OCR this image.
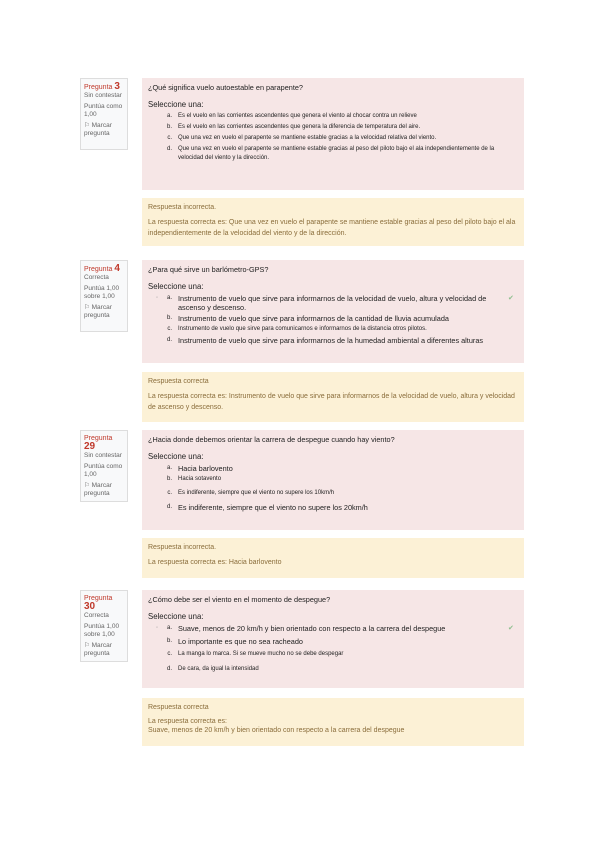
Pregunta 3
Sin contestar
Puntúa como 1,00
⚐ Marcar pregunta
¿Qué significa vuelo autoestable en parapente?
Seleccione una:
a.	Es el vuelo en las corrientes ascendentes que genera el viento al chocar contra un relieve
b.	Es el vuelo en las corrientes ascendentes que genera la diferencia de temperatura del aire.
c.	Que una vez en vuelo el parapente se mantiene estable gracias a la velocidad relativa del viento.
d.	Que una vez en vuelo el parapente se mantiene estable gracias al peso del piloto bajo el ala independientemente de la velocidad del viento y la dirección.
Respuesta incorrecta.
La respuesta correcta es: Que una vez en vuelo el parapente se mantiene estable gracias al peso del piloto bajo el ala independientemente de la velocidad del viento y de la dirección.
Pregunta 4
Correcta
Puntúa 1,00 sobre 1,00
⚐ Marcar pregunta
¿Para qué sirve un barlómetro-GPS?
Seleccione una:
◦	a. Instrumento de vuelo que sirve para informarnos de la velocidad de vuelo, altura y velocidad de ascenso y descenso.
✔
b. Instrumento de vuelo que sirve para informarnos de la cantidad de lluvia acumulada
c.	Instrumento de vuelo que sirve para comunicarnos e informarnos de la distancia otros pilotos.
d. Instrumento de vuelo que sirve para informarnos de la humedad ambiental a diferentes alturas
Respuesta correcta
La respuesta correcta es: Instrumento de vuelo que sirve para informarnos de la velocidad de vuelo, altura y velocidad de ascenso y descenso.
Pregunta 29
Sin contestar
Puntúa como 1,00
⚐ Marcar pregunta
¿Hacia donde debemos orientar la carrera de despegue cuando hay viento?
Seleccione una:
a. Hacia barlovento
b.	Hacia sotavento
c.	Es indiferente, siempre que el viento no supere los 10km/h
d. Es indiferente, siempre que el viento no supere los 20km/h
Respuesta incorrecta.
La respuesta correcta es: Hacia barlovento
Pregunta 30
Correcta
Puntúa 1,00 sobre 1,00
⚐ Marcar pregunta
¿Cómo debe ser el viento en el momento de despegue?
Seleccione una:
◦	a. Suave, menos de 20 km/h y bien orientado con respecto a la carrera del despegue	✔
b. Lo importante es que no sea racheado
c.	La manga lo marca. Si se mueve mucho no se debe despegar
d.	De cara, da igual la intensidad
Respuesta correcta
La respuesta correcta es:
Suave, menos de 20 km/h y bien orientado con respecto a la carrera del despegue
